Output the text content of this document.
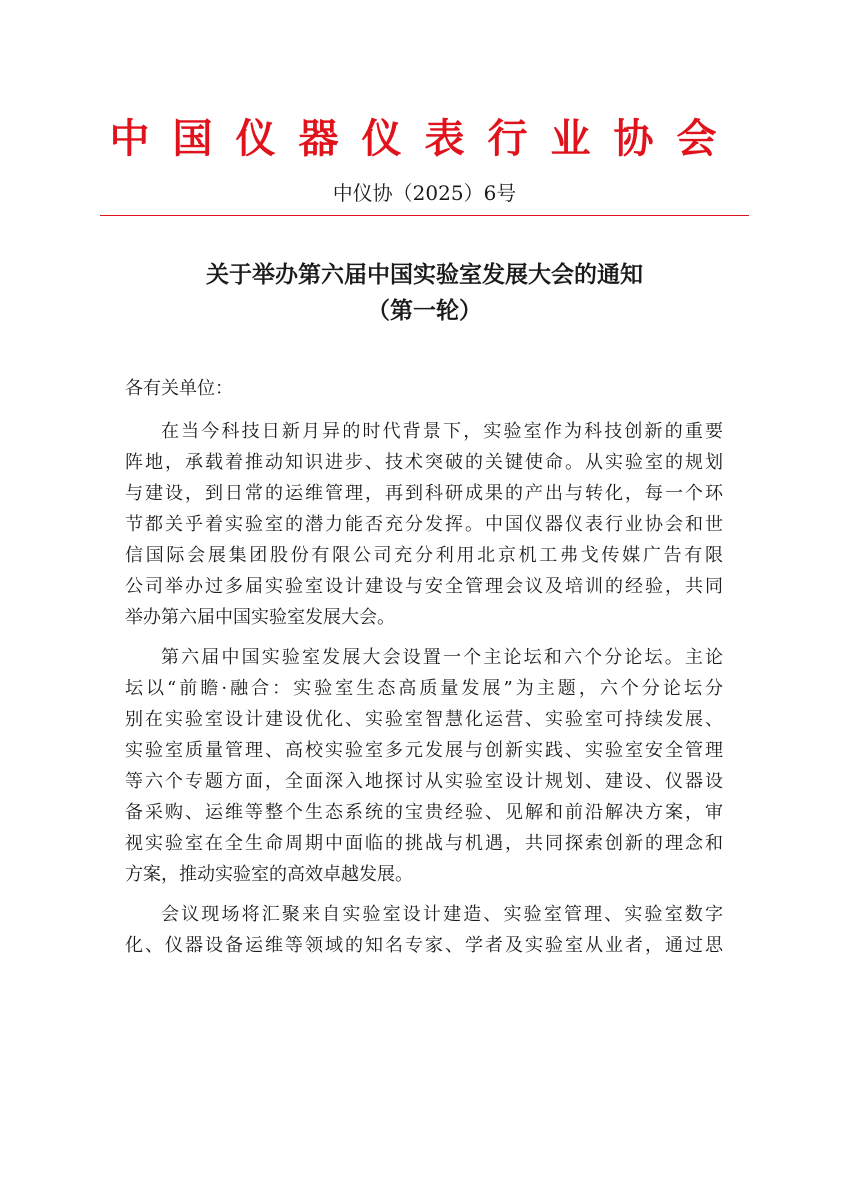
中国仪器仪表行业协会
中仪协（2025）6号
关于举办第六届中国实验室发展大会的通知
（第一轮）
各有关单位：
在当今科技日新月异的时代背景下，实验室作为科技创新的重要
阵地，承载着推动知识进步、技术突破的关键使命。从实验室的规划
与建设，到日常的运维管理，再到科研成果的产出与转化，每一个环
节都关乎着实验室的潜力能否充分发挥。中国仪器仪表行业协会和世
信国际会展集团股份有限公司充分利用北京机工弗戈传媒广告有限
公司举办过多届实验室设计建设与安全管理会议及培训的经验，共同
举办第六届中国实验室发展大会。
第六届中国实验室发展大会设置一个主论坛和六个分论坛。主论
坛以“前瞻·融合：实验室生态高质量发展”为主题，六个分论坛分
别在实验室设计建设优化、实验室智慧化运营、实验室可持续发展、
实验室质量管理、高校实验室多元发展与创新实践、实验室安全管理
等六个专题方面，全面深入地探讨从实验室设计规划、建设、仪器设
备采购、运维等整个生态系统的宝贵经验、见解和前沿解决方案，审
视实验室在全生命周期中面临的挑战与机遇，共同探索创新的理念和
方案，推动实验室的高效卓越发展。
会议现场将汇聚来自实验室设计建造、实验室管理、实验室数字
化、仪器设备运维等领域的知名专家、学者及实验室从业者，通过思
